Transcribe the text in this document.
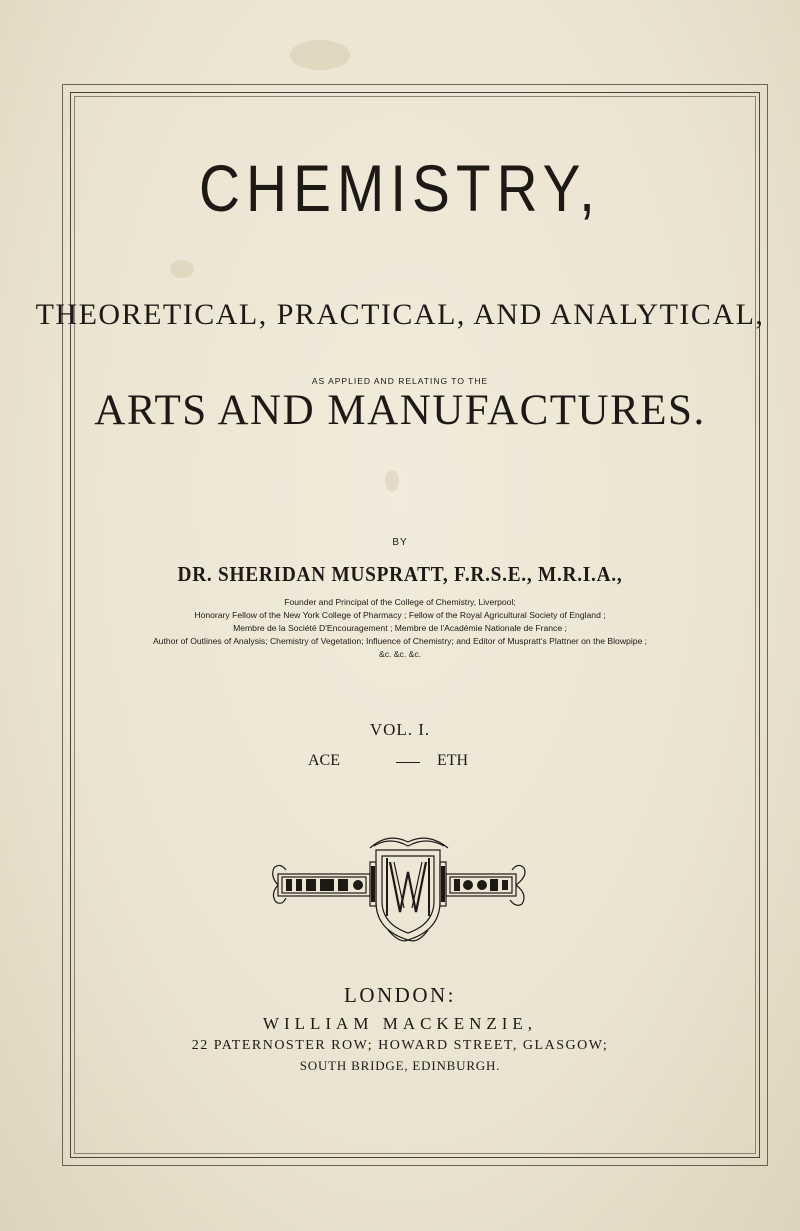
CHEMISTRY,
THEORETICAL, PRACTICAL, AND ANALYTICAL,
AS APPLIED AND RELATING TO THE
ARTS AND MANUFACTURES.
BY
DR. SHERIDAN MUSPRATT, F.R.S.E., M.R.I.A.,
Founder and Principal of the College of Chemistry, Liverpool;
Honorary Fellow of the New York College of Pharmacy ; Fellow of the Royal Agricultural Society of England ;
Membre de la Société D'Encouragement ; Membre de l'Académie Nationale de France ;
Author of Outlines of Analysis; Chemistry of Vegetation; Influence of Chemistry; and Editor of Muspratt's Plattner on the Blowpipe ;
&c. &c. &c.
VOL. I.
ACE	ETH
LONDON:
WILLIAM MACKENZIE,
22 PATERNOSTER ROW; HOWARD STREET, GLASGOW;
SOUTH BRIDGE, EDINBURGH.
